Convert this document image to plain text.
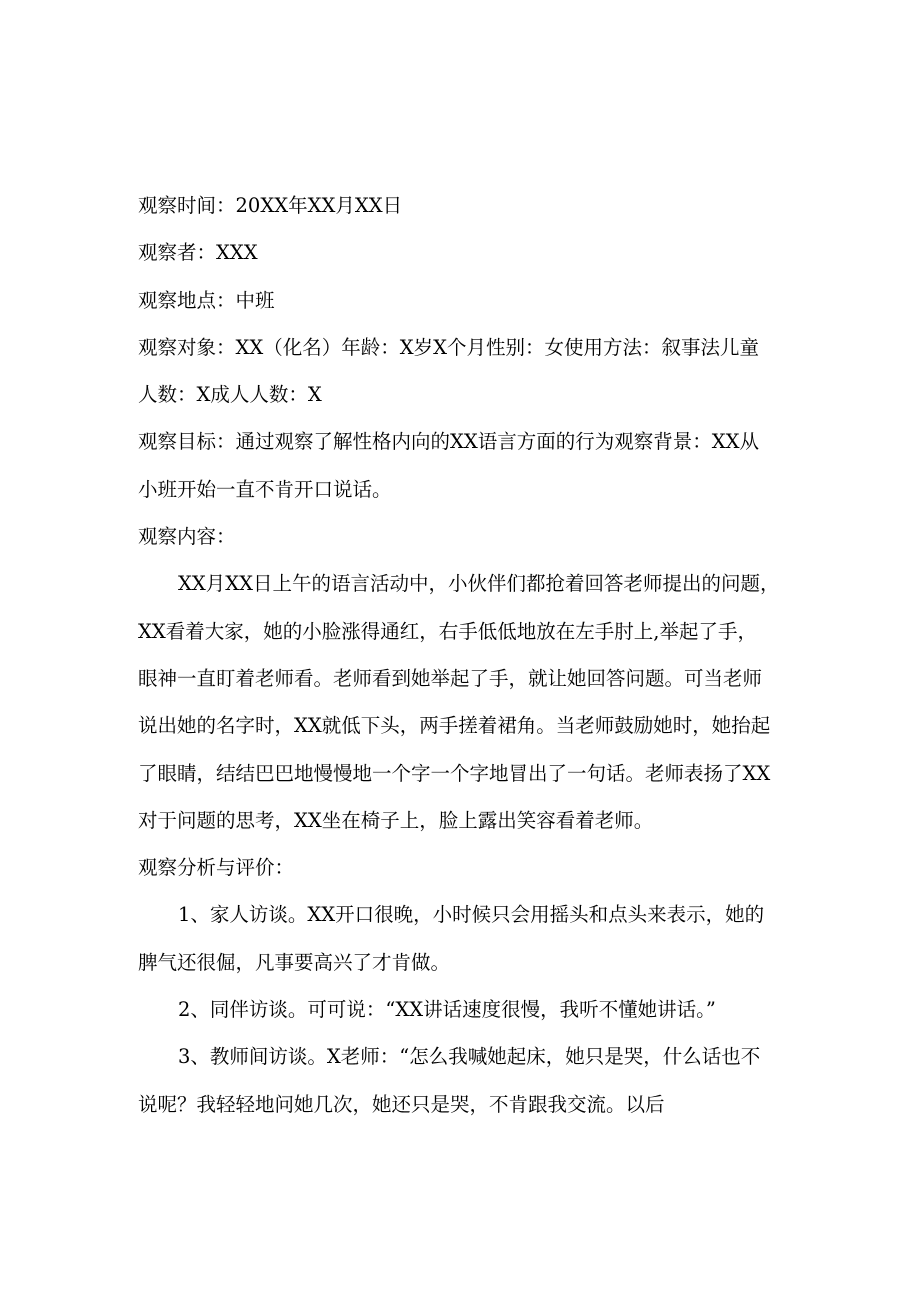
观察时间：20XX年XX月XX日
观察者：XXX
观察地点：中班
观察对象：XX（化名）年龄：X岁X个月性别：女使用方法：叙事法儿童
人数：X成人人数：X
观察目标：通过观察了解性格内向的XX语言方面的行为观察背景：XX从
小班开始一直不肯开口说话。
观察内容：
XX月XX日上午的语言活动中，小伙伴们都抢着回答老师提出的问题，
XX看着大家，她的小脸涨得通红，右手低低地放在左手肘上,举起了手，
眼神一直盯着老师看。老师看到她举起了手，就让她回答问题。可当老师
说出她的名字时，XX就低下头，两手搓着裙角。当老师鼓励她时，她抬起
了眼睛，结结巴巴地慢慢地一个字一个字地冒出了一句话。老师表扬了XX
对于问题的思考，XX坐在椅子上，脸上露出笑容看着老师。
观察分析与评价：
1、家人访谈。XX开口很晚，小时候只会用摇头和点头来表示，她的
脾气还很倔，凡事要高兴了才肯做。
2、同伴访谈。可可说：“XX讲话速度很慢，我听不懂她讲话。”
3、教师间访谈。X老师：“怎么我喊她起床，她只是哭，什么话也不
说呢？我轻轻地问她几次，她还只是哭，不肯跟我交流。以后
